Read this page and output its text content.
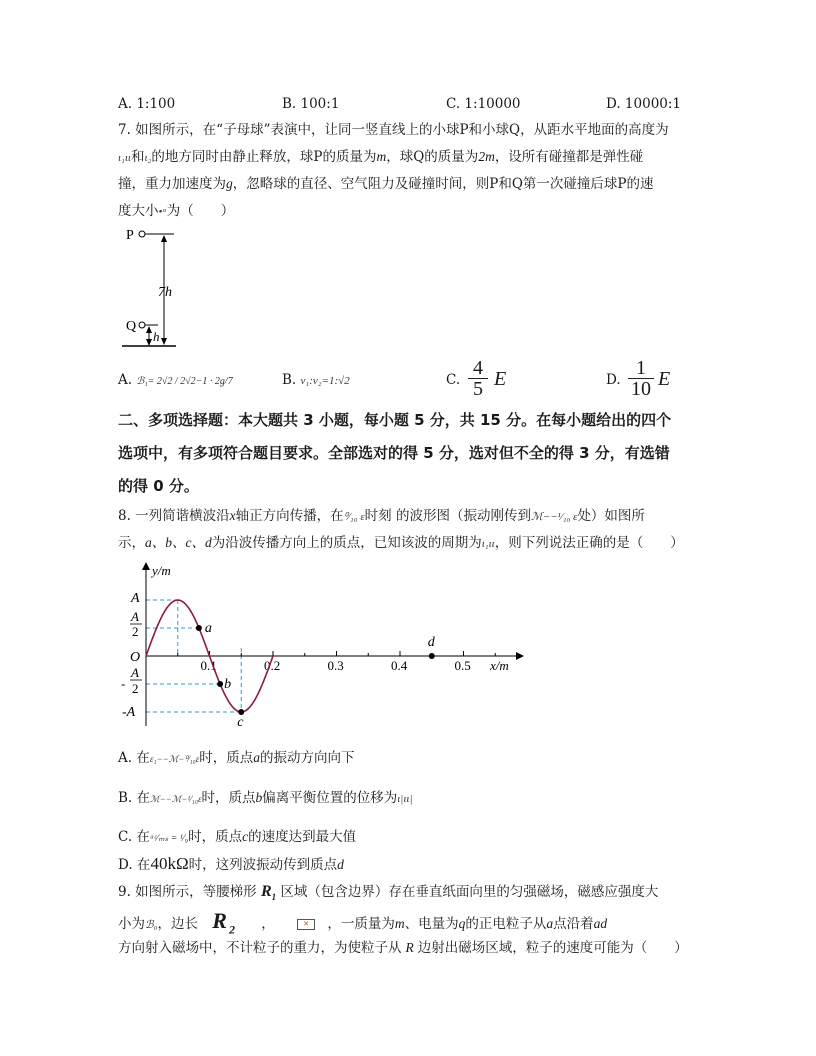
A. 1:100	B. 100:1	C. 1:10000	D. 10000:1
7. 如图所示，在“子母球”表演中，让同一竖直线上的小球P和小球Q，从距水平地面的高度为
ι₁ιι和ι₂的地方同时由静止释放，球P的质量为m，球Q的质量为2m，设所有碰撞都是弹性碰
撞，重力加速度为g，忽略球的直径、空气阻力及碰撞时间，则P和Q第一次碰撞后球P的速
度大小•ᵅ为（　　）
P
7h
Q
h
A. ℬ₁= 2√2 / 2√2−1 · 2g/7	B. ν₁:ν₂=1:√2	C. $\frac{4}{5}$ E	D. $\frac{1}{10}$ E
二、多项选择题：本大题共 3 小题，每小题 5 分，共 15 分。在每小题给出的四个
选项中，有多项符合题目要求。全部选对的得 5 分，选对但不全的得 3 分，有选错
的得 0 分。
8. 一列简谐横波沿x轴正方向传播，在⁰⁄₁₀ ε时刻 的波形图（振动刚传到ℳ−−¹⁄₁₀ ε处）如图所
示，a、b、c、d为沿波传播方向上的质点，已知该波的周期为ι₁ιι，则下列说法正确的是（　　）
0.1	0.2	0.3	0.4	0.5
a
b
c
d
y/m
x/m
O
A
A
2
-
A
2
-A
A. 在ε₁−−ℳ−⁰⁄₁₀ε时，质点a的振动方向向下
B. 在ℳ−−ℳ−¹⁄₁₀ε时，质点b偏离平衡位置的位移为ι|ιι|
C. 在ᵃᶜ⁄ₘₛ = ¹⁄₉时，质点c的速度达到最大值
D. 在40kΩ时，这列波振动传到质点d
9. 如图所示，等腰梯形 $R_1$ 区域（包含边界）存在垂直纸面向里的匀强磁场，磁感应强度大
小为ℬ₀，边长 $R_2$ ，	✕ ，一质量为m、电量为q的正电粒子从a点沿着ad
方向射入磁场中，不计粒子的重力，为使粒子从 R 边射出磁场区域，粒子的速度可能为（　　）
